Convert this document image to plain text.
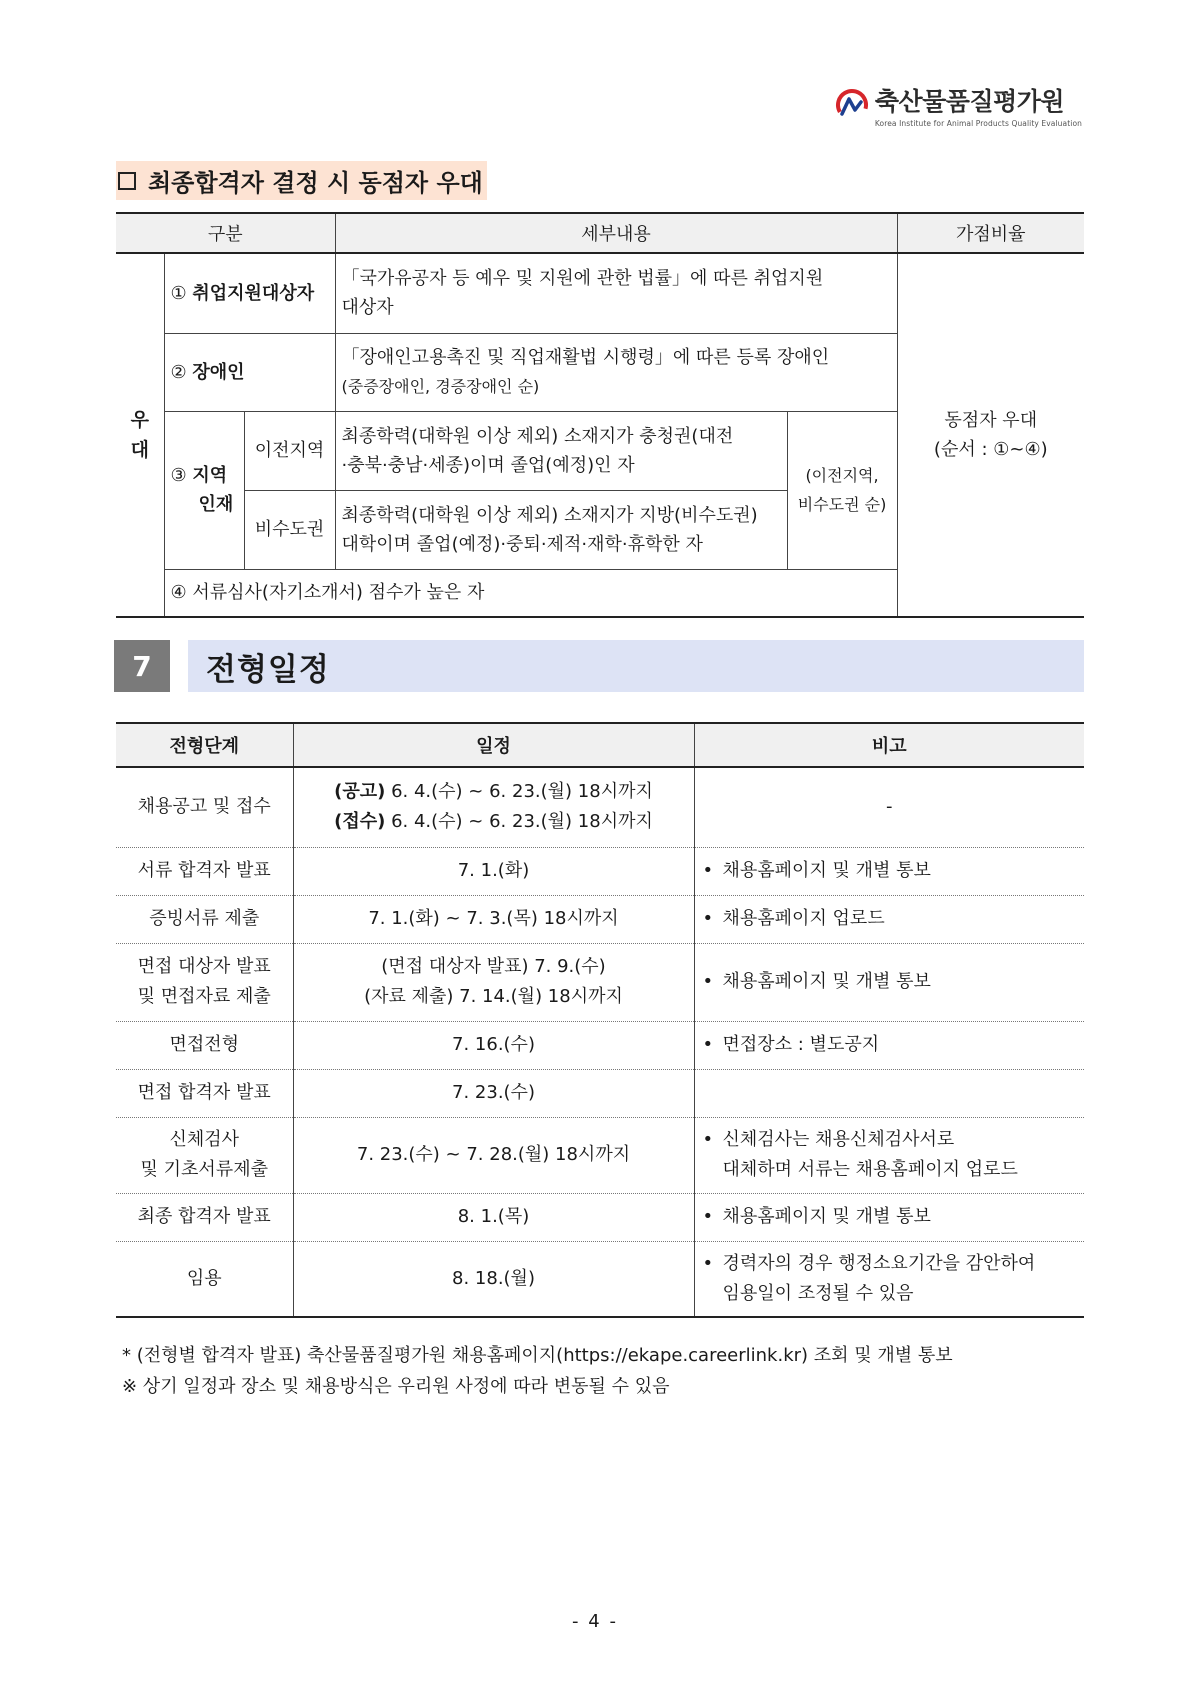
축산물품질평가원
Korea Institute for Animal Products Quality Evaluation
최종합격자 결정 시 동점자 우대
구분			세부내용		가점비율
우
대	① 취업지원대상자		「국가유공자 등 예우 및 지원에 관한 법률」에 따른 취업지원
대상자		동점자 우대
(순서 : ①~④)
	② 장애인		「장애인고용촉진 및 직업재활법 시행령」에 따른 등록 장애인
(중증장애인, 경증장애인 순)		
	③ 지역
인재	이전지역	최종학력(대학원 이상 제외) 소재지가 충청권(대전
·충북·충남·세종)이며 졸업(예정)인 자	(이전지역,
비수도권 순)	
		비수도권	최종학력(대학원 이상 제외) 소재지가 지방(비수도권)
대학이며 졸업(예정)·중퇴·제적·재학·휴학한 자		
	④ 서류심사(자기소개서) 점수가 높은 자				
7	전형일정
전형단계	일정	비고

채용공고 및 접수	(공고) 6. 4.(수) ~ 6. 23.(월) 18시까지
(접수) 6. 4.(수) ~ 6. 23.(월) 18시까지	-

서류 합격자 발표	7. 1.(화)	• 채용홈페이지 및 개별 통보

증빙서류 제출	7. 1.(화) ~ 7. 3.(목) 18시까지	• 채용홈페이지 업로드

면접 대상자 발표
및 면접자료 제출	(면접 대상자 발표) 7. 9.(수)
(자료 제출) 7. 14.(월) 18시까지	• 채용홈페이지 및 개별 통보

면접전형	7. 16.(수)	• 면접장소 : 별도공지

면접 합격자 발표	7. 23.(수)	

신체검사
및 기초서류제출	7. 23.(수) ~ 7. 28.(월) 18시까지	• 신체검사는 채용신체검사서로
대체하며 서류는 채용홈페이지 업로드

최종 합격자 발표	8. 1.(목)	• 채용홈페이지 및 개별 통보

임용	8. 18.(월)	• 경력자의 경우 행정소요기간을 감안하여
임용일이 조정될 수 있음
* (전형별 합격자 발표) 축산물품질평가원 채용홈페이지(https://ekape.careerlink.kr) 조회 및 개별 통보
※ 상기 일정과 장소 및 채용방식은 우리원 사정에 따라 변동될 수 있음
- 4 -
